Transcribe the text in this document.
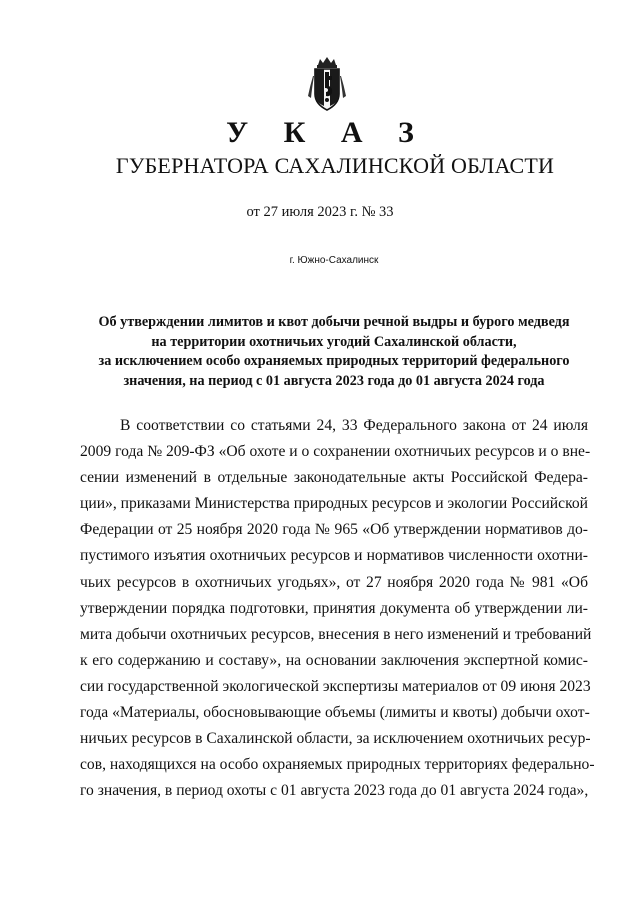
У К А З
ГУБЕРНАТОРА САХАЛИНСКОЙ ОБЛАСТИ
от 27 июля 2023 г. № 33
г. Южно-Сахалинск
Об утверждении лимитов и квот добычи речной выдры и бурого медведя
на территории охотничьих угодий Сахалинской области,
за исключением особо охраняемых природных территорий федерального
значения, на период с 01 августа 2023 года до 01 августа 2024 года
В соответствии со статьями 24, 33 Федерального закона от 24 июля
2009 года № 209-ФЗ «Об охоте и о сохранении охотничьих ресурсов и о вне-
сении изменений в отдельные законодательные акты Российской Федера-
ции», приказами Министерства природных ресурсов и экологии Российской
Федерации от 25 ноября 2020 года № 965 «Об утверждении нормативов до-
пустимого изъятия охотничьих ресурсов и нормативов численности охотни-
чьих ресурсов в охотничьих угодьях», от 27 ноября 2020 года № 981 «Об
утверждении порядка подготовки, принятия документа об утверждении ли-
мита добычи охотничьих ресурсов, внесения в него изменений и требований
к его содержанию и составу», на основании заключения экспертной комис-
сии государственной экологической экспертизы материалов от 09 июня 2023
года «Материалы, обосновывающие объемы (лимиты и квоты) добычи охот-
ничьих ресурсов в Сахалинской области, за исключением охотничьих ресур-
сов, находящихся на особо охраняемых природных территориях федерально-
го значения, в период охоты с 01 августа 2023 года до 01 августа 2024 года»,
